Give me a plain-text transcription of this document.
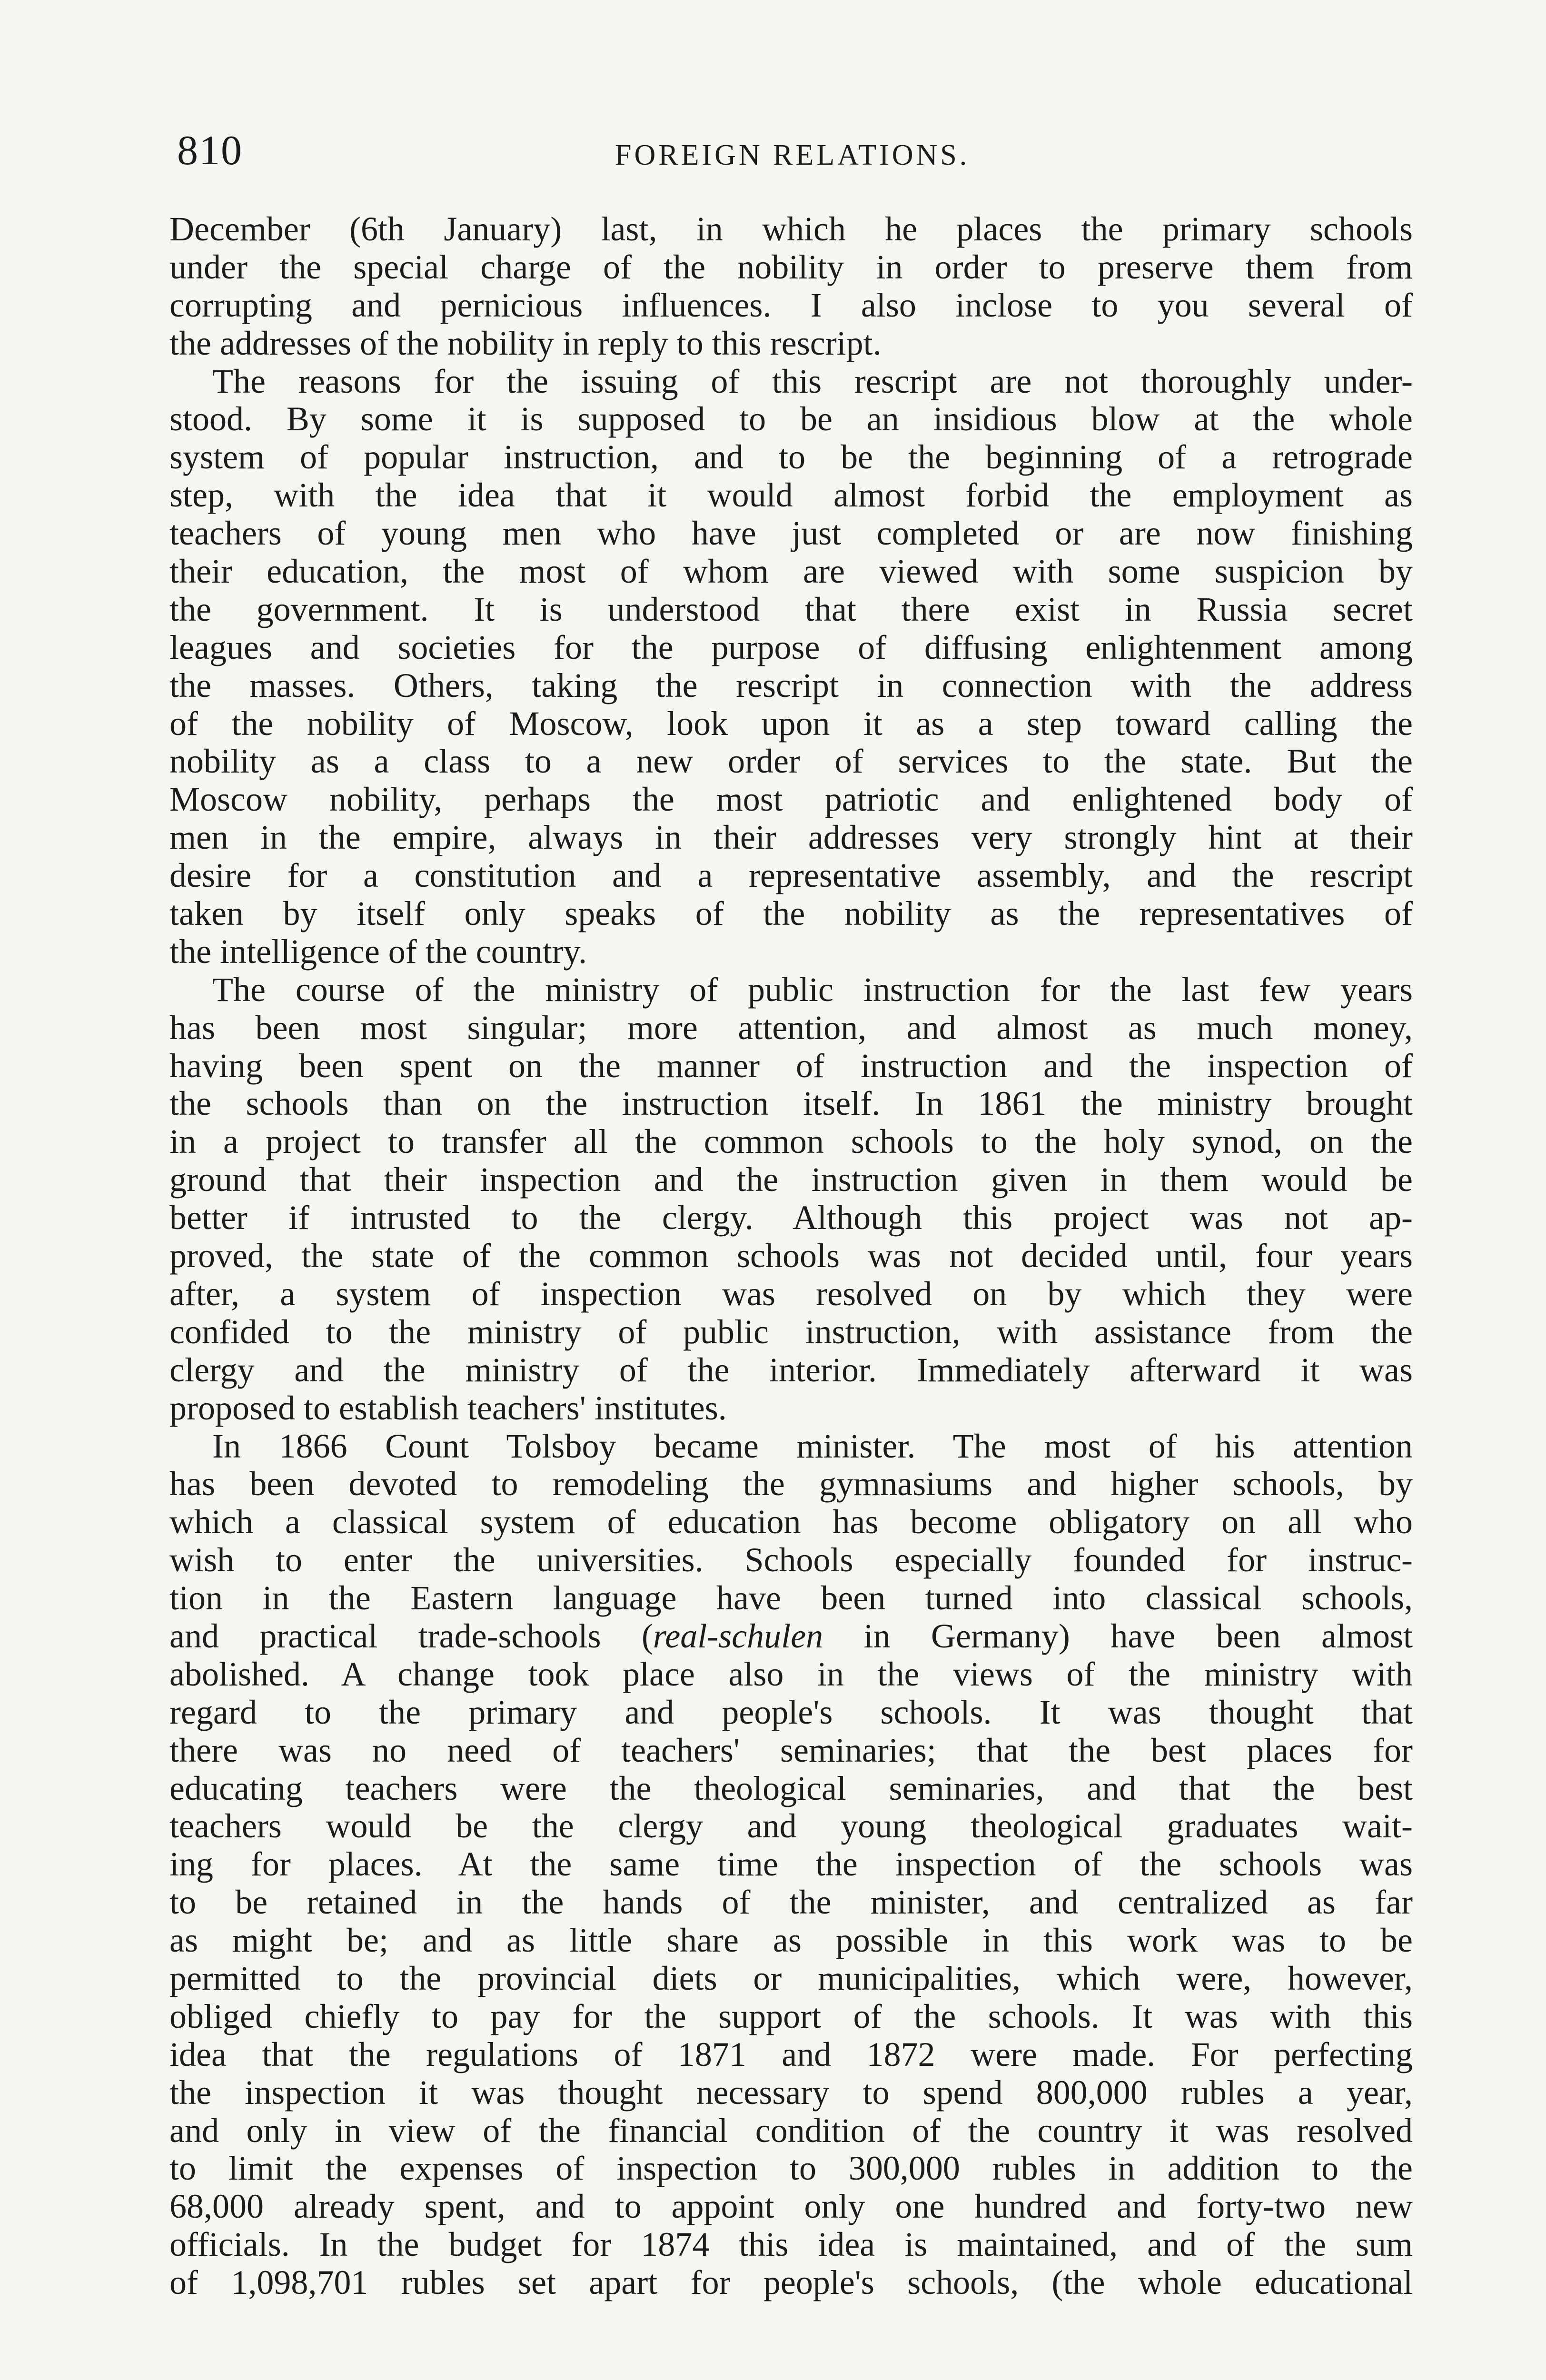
810	FOREIGN RELATIONS.
December (6th January) last, in which he places the primary schools
under the special charge of the nobility in order to preserve them from
corrupting and pernicious influences. I also inclose to you several of
the addresses of the nobility in reply to this rescript.
The reasons for the issuing of this rescript are not thoroughly under-
stood. By some it is supposed to be an insidious blow at the whole
system of popular instruction, and to be the beginning of a retrograde
step, with the idea that it would almost forbid the employment as
teachers of young men who have just completed or are now finishing
their education, the most of whom are viewed with some suspicion by
the government. It is understood that there exist in Russia secret
leagues and societies for the purpose of diffusing enlightenment among
the masses. Others, taking the rescript in connection with the address
of the nobility of Moscow, look upon it as a step toward calling the
nobility as a class to a new order of services to the state. But the
Moscow nobility, perhaps the most patriotic and enlightened body of
men in the empire, always in their addresses very strongly hint at their
desire for a constitution and a representative assembly, and the rescript
taken by itself only speaks of the nobility as the representatives of
the intelligence of the country.
The course of the ministry of public instruction for the last few years
has been most singular; more attention, and almost as much money,
having been spent on the manner of instruction and the inspection of
the schools than on the instruction itself. In 1861 the ministry brought
in a project to transfer all the common schools to the holy synod, on the
ground that their inspection and the instruction given in them would be
better if intrusted to the clergy. Although this project was not ap-
proved, the state of the common schools was not decided until, four years
after, a system of inspection was resolved on by which they were
confided to the ministry of public instruction, with assistance from the
clergy and the ministry of the interior. Immediately afterward it was
proposed to establish teachers' institutes.
In 1866 Count Tolsboy became minister. The most of his attention
has been devoted to remodeling the gymnasiums and higher schools, by
which a classical system of education has become obligatory on all who
wish to enter the universities. Schools especially founded for instruc-
tion in the Eastern language have been turned into classical schools,
and practical trade-schools (real-schulen in Germany) have been almost
abolished. A change took place also in the views of the ministry with
regard to the primary and people's schools. It was thought that
there was no need of teachers' seminaries; that the best places for
educating teachers were the theological seminaries, and that the best
teachers would be the clergy and young theological graduates wait-
ing for places. At the same time the inspection of the schools was
to be retained in the hands of the minister, and centralized as far
as might be; and as little share as possible in this work was to be
permitted to the provincial diets or municipalities, which were, however,
obliged chiefly to pay for the support of the schools. It was with this
idea that the regulations of 1871 and 1872 were made. For perfecting
the inspection it was thought necessary to spend 800,000 rubles a year,
and only in view of the financial condition of the country it was resolved
to limit the expenses of inspection to 300,000 rubles in addition to the
68,000 already spent, and to appoint only one hundred and forty-two new
officials. In the budget for 1874 this idea is maintained, and of the sum
of 1,098,701 rubles set apart for people's schools, (the whole educational
